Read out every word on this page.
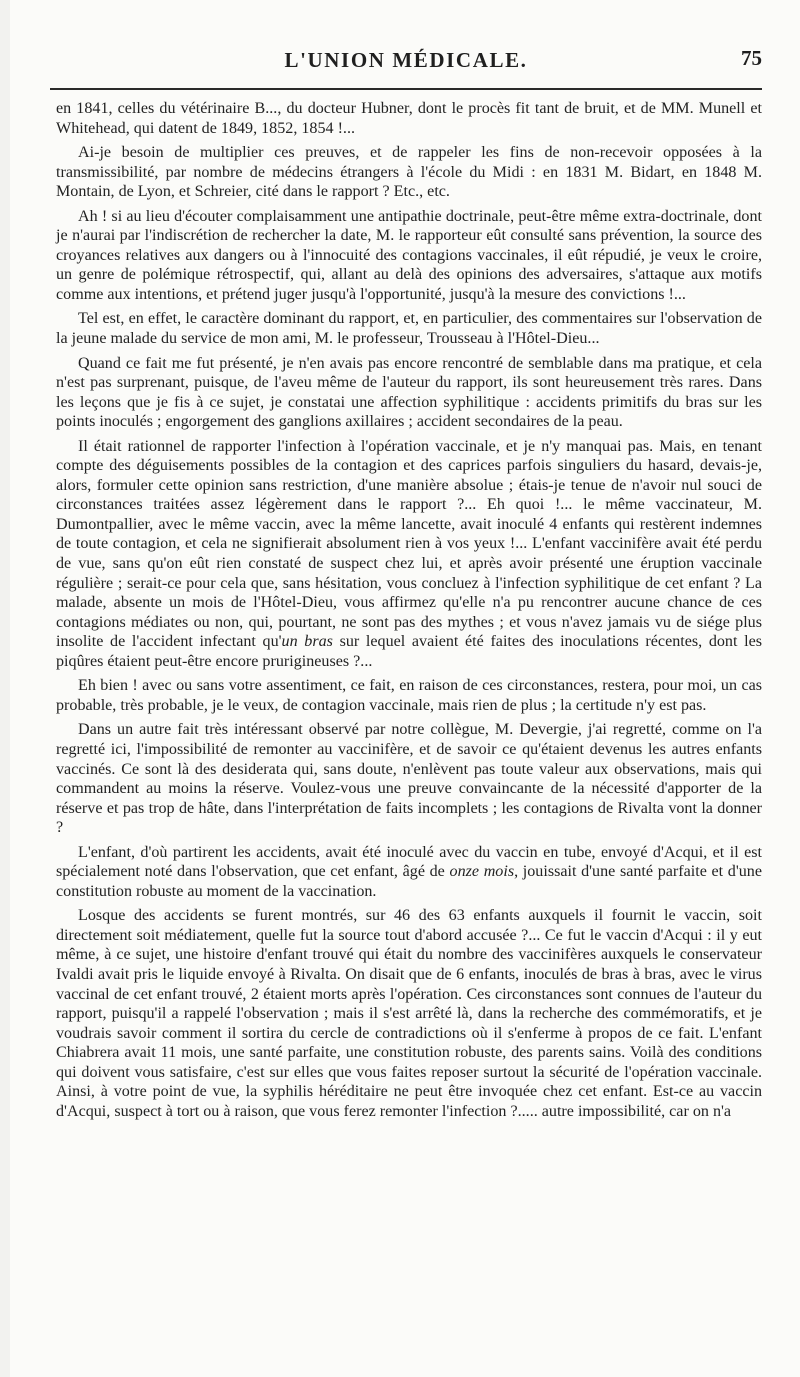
L'UNION MÉDICALE.	75

en 1841, celles du vétérinaire B..., du docteur Hubner, dont le procès fit tant de bruit, et de MM. Munell et Whitehead, qui datent de 1849, 1852, 1854 !...

Ai-je besoin de multiplier ces preuves, et de rappeler les fins de non-recevoir opposées à la transmissibilité, par nombre de médecins étrangers à l'école du Midi : en 1831 M. Bidart, en 1848 M. Montain, de Lyon, et Schreier, cité dans le rapport ? Etc., etc.

Ah ! si au lieu d'écouter complaisamment une antipathie doctrinale, peut-être même extra-doctrinale, dont je n'aurai par l'indiscrétion de rechercher la date, M. le rapporteur eût consulté sans prévention, la source des croyances relatives aux dangers ou à l'innocuité des contagions vaccinales, il eût répudié, je veux le croire, un genre de polémique rétrospectif, qui, allant au delà des opinions des adversaires, s'attaque aux motifs comme aux intentions, et prétend juger jusqu'à l'opportunité, jusqu'à la mesure des convictions !...

Tel est, en effet, le caractère dominant du rapport, et, en particulier, des commentaires sur l'observation de la jeune malade du service de mon ami, M. le professeur, Trousseau à l'Hôtel-Dieu...

Quand ce fait me fut présenté, je n'en avais pas encore rencontré de semblable dans ma pratique, et cela n'est pas surprenant, puisque, de l'aveu même de l'auteur du rapport, ils sont heureusement très rares. Dans les leçons que je fis à ce sujet, je constatai une affection syphilitique : accidents primitifs du bras sur les points inoculés ; engorgement des ganglions axillaires ; accident secondaires de la peau.

Il était rationnel de rapporter l'infection à l'opération vaccinale, et je n'y manquai pas. Mais, en tenant compte des déguisements possibles de la contagion et des caprices parfois singuliers du hasard, devais-je, alors, formuler cette opinion sans restriction, d'une manière absolue ; étais-je tenue de n'avoir nul souci de circonstances traitées assez légèrement dans le rapport ?... Eh quoi !... le même vaccinateur, M. Dumontpallier, avec le même vaccin, avec la même lancette, avait inoculé 4 enfants qui restèrent indemnes de toute contagion, et cela ne signifierait absolument rien à vos yeux !... L'enfant vaccinifère avait été perdu de vue, sans qu'on eût rien constaté de suspect chez lui, et après avoir présenté une éruption vaccinale régulière ; serait-ce pour cela que, sans hésitation, vous concluez à l'infection syphilitique de cet enfant ? La malade, absente un mois de l'Hôtel-Dieu, vous affirmez qu'elle n'a pu rencontrer aucune chance de ces contagions médiates ou non, qui, pourtant, ne sont pas des mythes ; et vous n'avez jamais vu de siége plus insolite de l'accident infectant qu'un bras sur lequel avaient été faites des inoculations récentes, dont les piqûres étaient peut-être encore prurigineuses ?...

Eh bien ! avec ou sans votre assentiment, ce fait, en raison de ces circonstances, restera, pour moi, un cas probable, très probable, je le veux, de contagion vaccinale, mais rien de plus ; la certitude n'y est pas.

Dans un autre fait très intéressant observé par notre collègue, M. Devergie, j'ai regretté, comme on l'a regretté ici, l'impossibilité de remonter au vaccinifère, et de savoir ce qu'étaient devenus les autres enfants vaccinés. Ce sont là des desiderata qui, sans doute, n'enlèvent pas toute valeur aux observations, mais qui commandent au moins la réserve. Voulez-vous une preuve convaincante de la nécessité d'apporter de la réserve et pas trop de hâte, dans l'interprétation de faits incomplets ; les contagions de Rivalta vont la donner ?

L'enfant, d'où partirent les accidents, avait été inoculé avec du vaccin en tube, envoyé d'Acqui, et il est spécialement noté dans l'observation, que cet enfant, âgé de onze mois, jouissait d'une santé parfaite et d'une constitution robuste au moment de la vaccination.

Losque des accidents se furent montrés, sur 46 des 63 enfants auxquels il fournit le vaccin, soit directement soit médiatement, quelle fut la source tout d'abord accusée ?... Ce fut le vaccin d'Acqui : il y eut même, à ce sujet, une histoire d'enfant trouvé qui était du nombre des vaccinifères auxquels le conservateur Ivaldi avait pris le liquide envoyé à Rivalta. On disait que de 6 enfants, inoculés de bras à bras, avec le virus vaccinal de cet enfant trouvé, 2 étaient morts après l'opération. Ces circonstances sont connues de l'auteur du rapport, puisqu'il a rappelé l'observation ; mais il s'est arrêté là, dans la recherche des commémoratifs, et je voudrais savoir comment il sortira du cercle de contradictions où il s'enferme à propos de ce fait. L'enfant Chiabrera avait 11 mois, une santé parfaite, une constitution robuste, des parents sains. Voilà des conditions qui doivent vous satisfaire, c'est sur elles que vous faites reposer surtout la sécurité de l'opération vaccinale. Ainsi, à votre point de vue, la syphilis héréditaire ne peut être invoquée chez cet enfant. Est-ce au vaccin d'Acqui, suspect à tort ou à raison, que vous ferez remonter l'infection ?..... autre impossibilité, car on n'a
